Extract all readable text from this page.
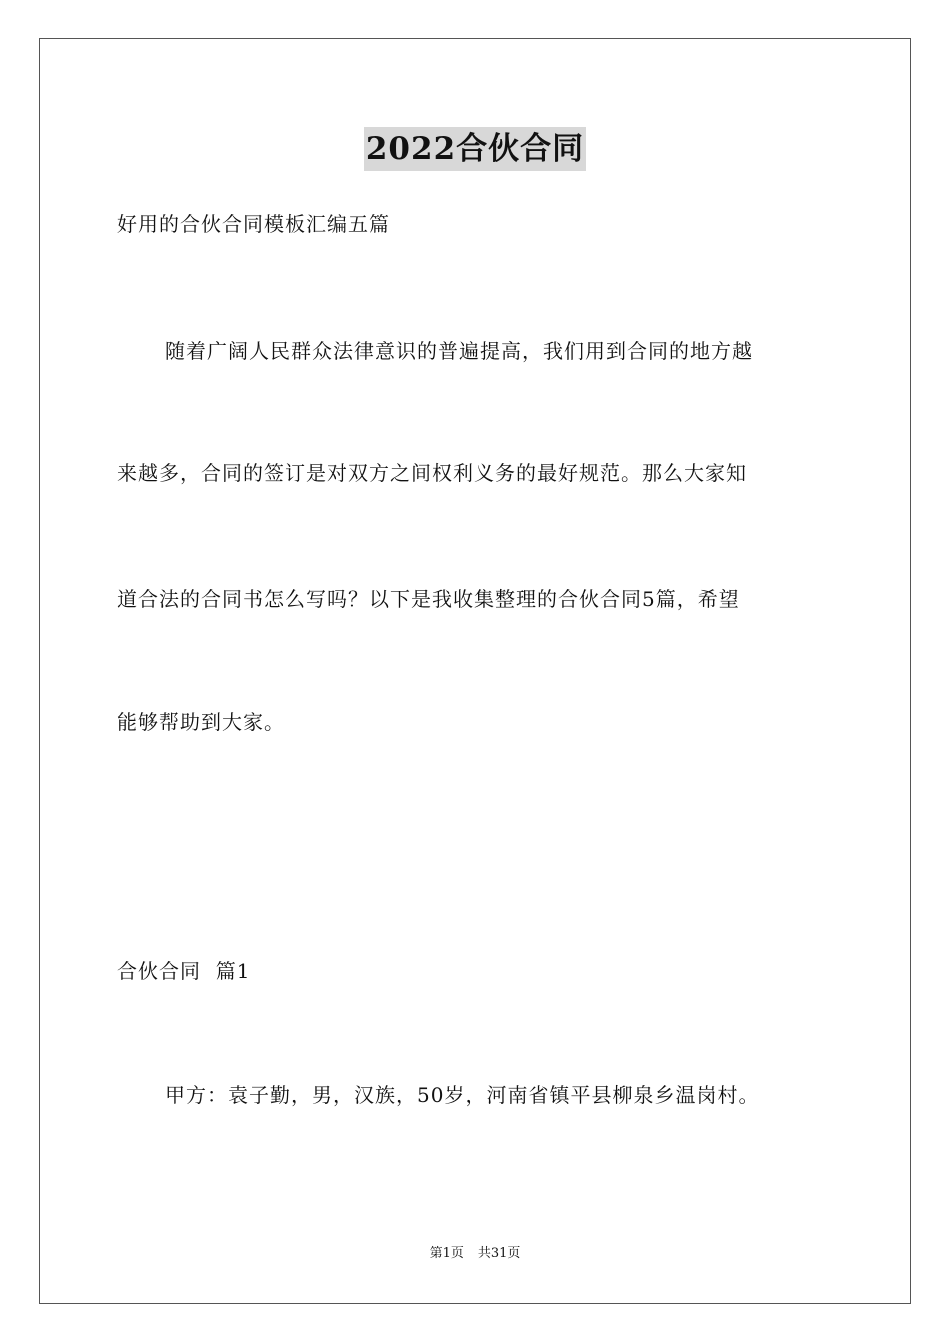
2022合伙合同
好用的合伙合同模板汇编五篇
随着广阔人民群众法律意识的普遍提高，我们用到合同的地方越
来越多，合同的签订是对双方之间权利义务的最好规范。那么大家知
道合法的合同书怎么写吗？以下是我收集整理的合伙合同5篇，希望
能够帮助到大家。
合伙合同  篇1
甲方：袁子勤，男，汉族，50岁，河南省镇平县柳泉乡温岗村。
第1页 共31页
